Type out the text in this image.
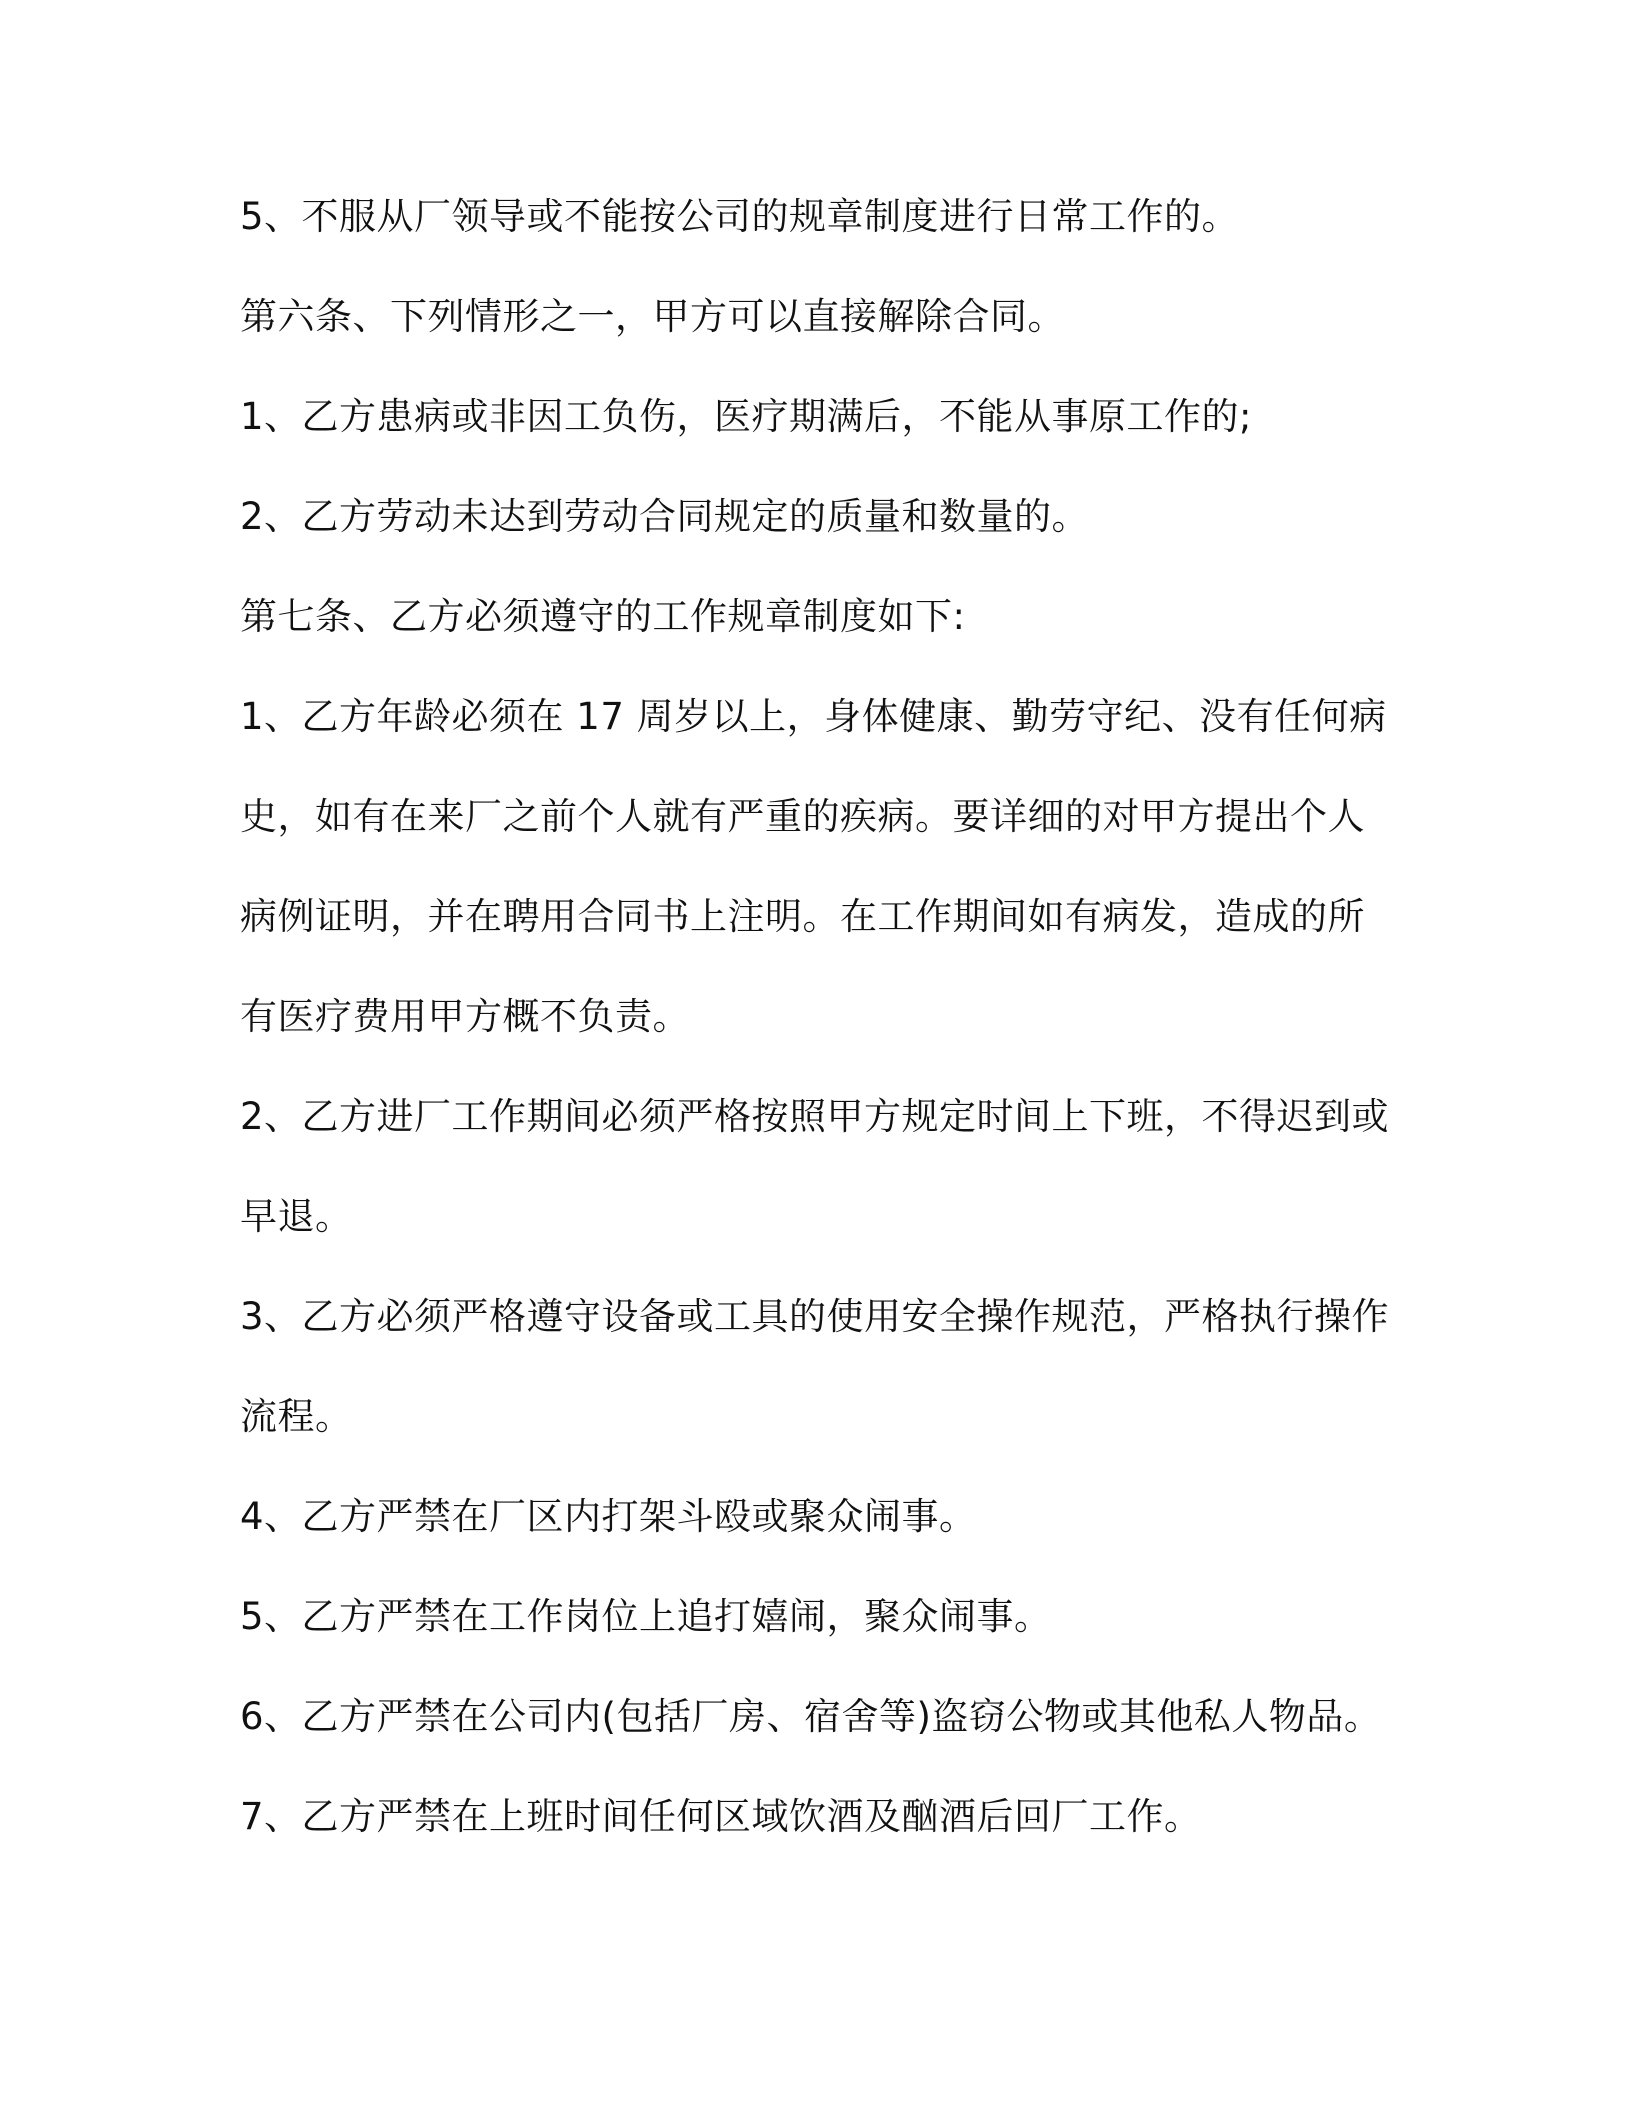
5、不服从厂领导或不能按公司的规章制度进行日常工作的。

第六条、下列情形之一，甲方可以直接解除合同。

1、乙方患病或非因工负伤，医疗期满后，不能从事原工作的;

2、乙方劳动未达到劳动合同规定的质量和数量的。

第七条、乙方必须遵守的工作规章制度如下:

1、乙方年龄必须在 17 周岁以上，身体健康、勤劳守纪、没有任何病

史，如有在来厂之前个人就有严重的疾病。要详细的对甲方提出个人

病例证明，并在聘用合同书上注明。在工作期间如有病发，造成的所

有医疗费用甲方概不负责。

2、乙方进厂工作期间必须严格按照甲方规定时间上下班，不得迟到或

早退。

3、乙方必须严格遵守设备或工具的使用安全操作规范，严格执行操作

流程。

4、乙方严禁在厂区内打架斗殴或聚众闹事。

5、乙方严禁在工作岗位上追打嬉闹，聚众闹事。

6、乙方严禁在公司内(包括厂房、宿舍等)盗窃公物或其他私人物品。

7、乙方严禁在上班时间任何区域饮酒及酗酒后回厂工作。
